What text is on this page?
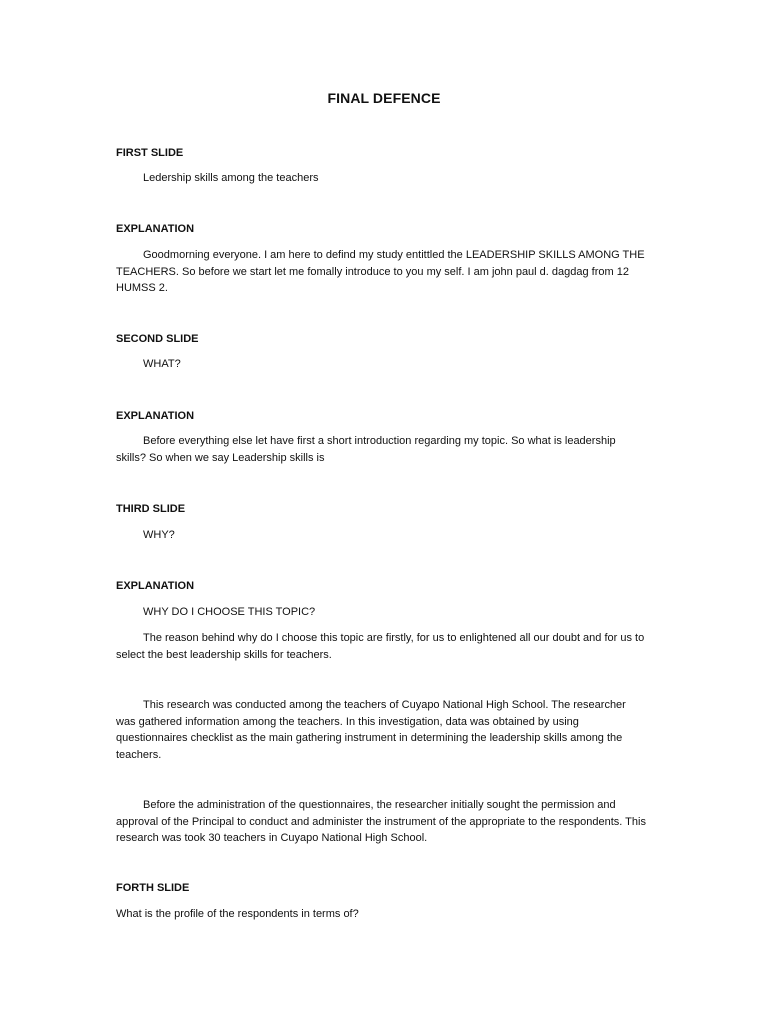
FINAL DEFENCE
FIRST SLIDE
Ledership skills among the teachers
EXPLANATION
Goodmorning everyone. I am here to defind my study entittled the LEADERSHIP SKILLS AMONG THE TEACHERS. So before we start let me fomally introduce to you my self. I am john paul d. dagdag from 12 HUMSS 2.
SECOND SLIDE
WHAT?
EXPLANATION
Before everything else let have first a short introduction regarding my topic. So what is leadership skills? So when we say Leadership skills is
THIRD SLIDE
WHY?
EXPLANATION
WHY DO I CHOOSE THIS TOPIC?
The reason behind why do I choose this topic are firstly, for us to enlightened all our doubt and for us to select the best leadership skills for teachers.
This research was conducted among the teachers of Cuyapo National High School. The researcher was gathered information among the teachers. In this investigation, data was obtained by using questionnaires checklist as the main gathering instrument in determining the leadership skills among the teachers.
Before the administration of the questionnaires, the researcher initially sought the permission and approval of the Principal to conduct and administer the instrument of the appropriate to the respondents. This research was took 30 teachers in Cuyapo National High School.
FORTH SLIDE
What is the profile of the respondents in terms of?
